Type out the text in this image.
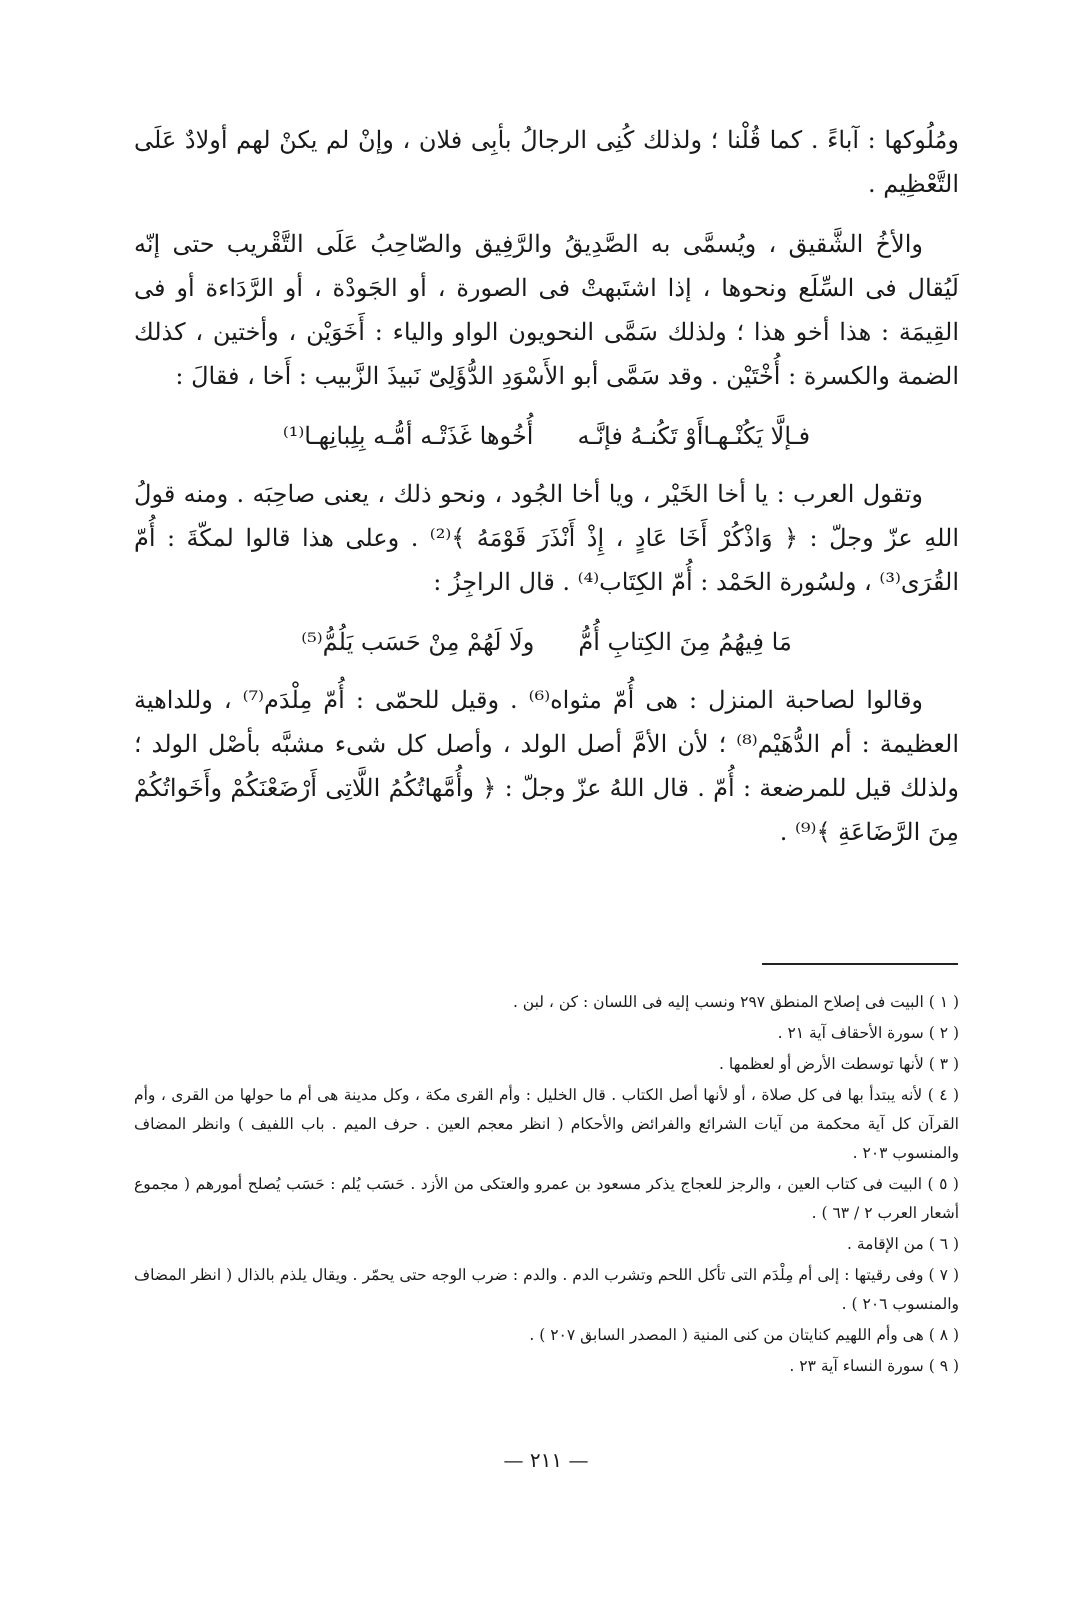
ومُلُوكها : آباءً . كما قُلْنا ؛ ولذلك كُنِى الرجالُ بأبِى فلان ، وإنْ لم يكنْ لهم أولادٌ عَلَى التَّعْظِيم .

والأخُ الشَّقيق ، ويُسمَّى به الصَّدِيقُ والرَّفِيق والصّاحِبُ عَلَى التَّقْريب حتى إنّه لَيُقال فى السِّلَع ونحوها ، إذا اشتَبهتْ فى الصورة ، أو الجَودْة ، أو الرَّدَاءة أو فى القِيمَة : هذا أخو هذا ؛ ولذلك سَمَّى النحويون الواو والياء : أَخَوَيْن ، وأختين ، كذلك الضمة والكسرة : أُخْتَيْن . وقد سَمَّى أبو الأَسْوَدِ الدُّؤَلِىّ نَبيذَ الزَّبيب : أَخا ، فقالَ :

فـإلَّا يَكُنْـهـاأَوْ تَكُنـهُ فإنَّـه
أُخُوها غَذَتْـه أمُّـه بِلِبانِهـا⁽¹⁾

وتقول العرب : يا أخا الخَيْر ، ويا أخا الجُود ، ونحو ذلك ، يعنى صاحِبَه . ومنه قولُ اللهِ عزّ وجلّ : ﴿ وَاذْكُرْ أَخَا عَادٍ ، إِذْ أَنْذَرَ قَوْمَهُ ﴾⁽²⁾ . وعلى هذا قالوا لمكّةَ : أُمّ القُرَى⁽³⁾ ، ولسُورة الحَمْد : أُمّ الكِتَاب⁽⁴⁾ . قال الراجِزُ :

مَا فِيهُمُ مِنَ الكِتابِ أُمُّ
ولَا لَهُمْ مِنْ حَسَب يَلُمُّ⁽⁵⁾

وقالوا لصاحبة المنزل : هى أُمّ مثواه⁽⁶⁾ . وقيل للحمّى : أُمّ مِلْدَم⁽⁷⁾ ، وللداهية العظيمة : أم الدُّهَيْم⁽⁸⁾ ؛ لأن الأمَّ أصل الولد ، وأصل كل شىء مشبَّه بأصْل الولد ؛ ولذلك قيل للمرضعة : أُمّ . قال اللهُ عزّ وجلّ : ﴿ وأُمَّهاتُكُمُ اللَّاتِى أَرْضَعْنَكُمْ وأَخَواتُكُمْ مِنَ الرَّضَاعَةِ ﴾⁽⁹⁾ .

( ١ ) البيت فى إصلاح المنطق ٢٩٧ ونسب إليه فى اللسان : كن ، لبن .

( ٢ ) سورة الأحقاف آية ٢١ .

( ٣ ) لأنها توسطت الأرض أو لعظمها .

( ٤ ) لأنه يبتدأ بها فى كل صلاة ، أو لأنها أصل الكتاب . قال الخليل : وأم القرى مكة ، وكل مدينة هى أم ما حولها من القرى ، وأم القرآن كل آية محكمة من آيات الشرائع والفرائض والأحكام ( انظر معجم العين . حرف الميم . باب اللفيف ) وانظر المضاف والمنسوب ٢٠٣ .

( ٥ ) البيت فى كتاب العين ، والرجز للعجاج يذكر مسعود بن عمرو والعتكى من الأزد . حَسَب يُلم : حَسَب يُصلح أمورهم ( مجموع أشعار العرب ٢ / ٦٣ ) .

( ٦ ) من الإقامة .

( ٧ ) وفى رقيتها : إلى أم مِلْدَم التى تأكل اللحم وتشرب الدم . والدم : ضرب الوجه حتى يحمّر . ويقال يلذم بالذال ( انظر المضاف والمنسوب ٢٠٦ ) .

( ٨ ) هى وأم اللهيم كنايتان من كنى المنية ( المصدر السابق ٢٠٧ ) .

( ٩ ) سورة النساء آية ٢٣ .

— ٢١١ —
